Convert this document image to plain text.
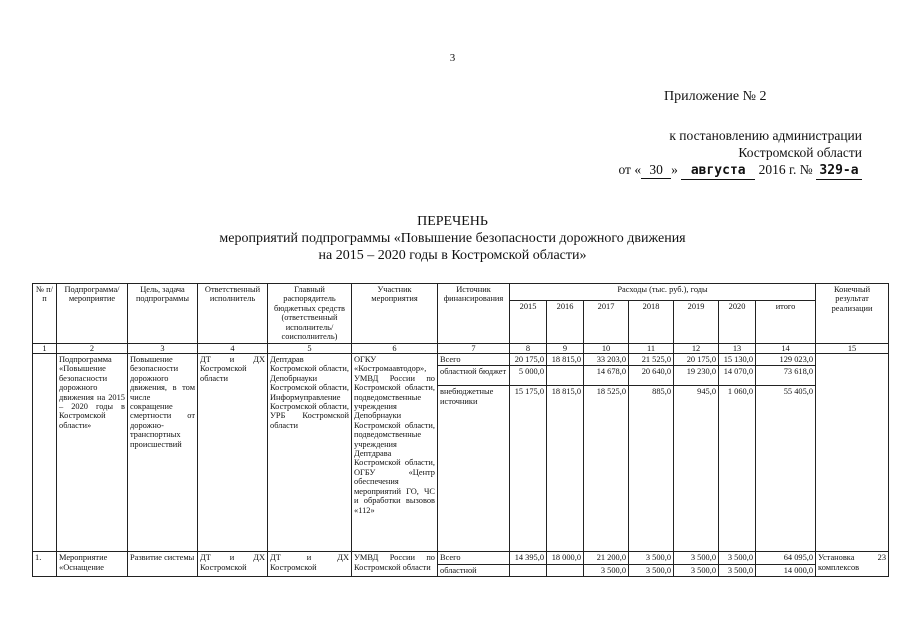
3
Приложение № 2
к постановлению администрации
Костромской области
от « 30 » августа 2016 г. № 329-а
ПЕРЕЧЕНЬ
мероприятий подпрограммы «Повышение безопасности дорожного движения
на 2015 – 2020 годы в Костромской области»
№ п/п	Подпрограмма/ мероприятие	Цель, задача подпрограммы	Ответственный исполнитель	Главный распорядитель бюджетных средств (ответственный исполнитель/ соисполнитель)	Участник мероприятия	Источник финансирования	Расходы (тыс. руб.), годы							Конечный результат реализации
							2015	2016	2017	2018	2019	2020	итого	
1	2	3	4	5	6	7	8	9	10	11	12	13	14	15
	Подпрограмма «Повышение безопасности дорожного движения на 2015 – 2020 годы в Костромской области»	Повышение безопасности дорожного движения, в том числе сокращение смертности от дорожно-транспортных происшествий	ДТ и ДХ Костромской области	Дептдрав Костромской области, Депобрнауки Костромской области, Информуправление Костромской области, УРБ Костромской области	ОГКУ «Костромаавтодор», УМВД России по Костромской области, подведомственные учреждения Депобрнауки Костромской области, подведомственные учреждения Дептдрава Костромской области, ОГБУ «Центр обеспечения мероприятий ГО, ЧС и обработки вызовов «112»	Всего	20 175,0	18 815,0	33 203,0	21 525,0	20 175,0	15 130,0	129 023,0	
						областной бюджет	5 000,0		14 678,0	20 640,0	19 230,0	14 070,0	73 618,0	
						внебюджетные источники	15 175,0	18 815,0	18 525,0	885,0	945,0	1 060,0	55 405,0	
1.	Мероприятие «Оснащение	Развитие системы	ДТ и ДХ Костромской	ДТ и ДХ Костромской	УМВД России по Костромской области	Всего	14 395,0	18 000,0	21 200,0	3 500,0	3 500,0	3 500,0	64 095,0	Установка 23 комплексов
						областной			3 500,0	3 500,0	3 500,0	3 500,0	14 000,0	
